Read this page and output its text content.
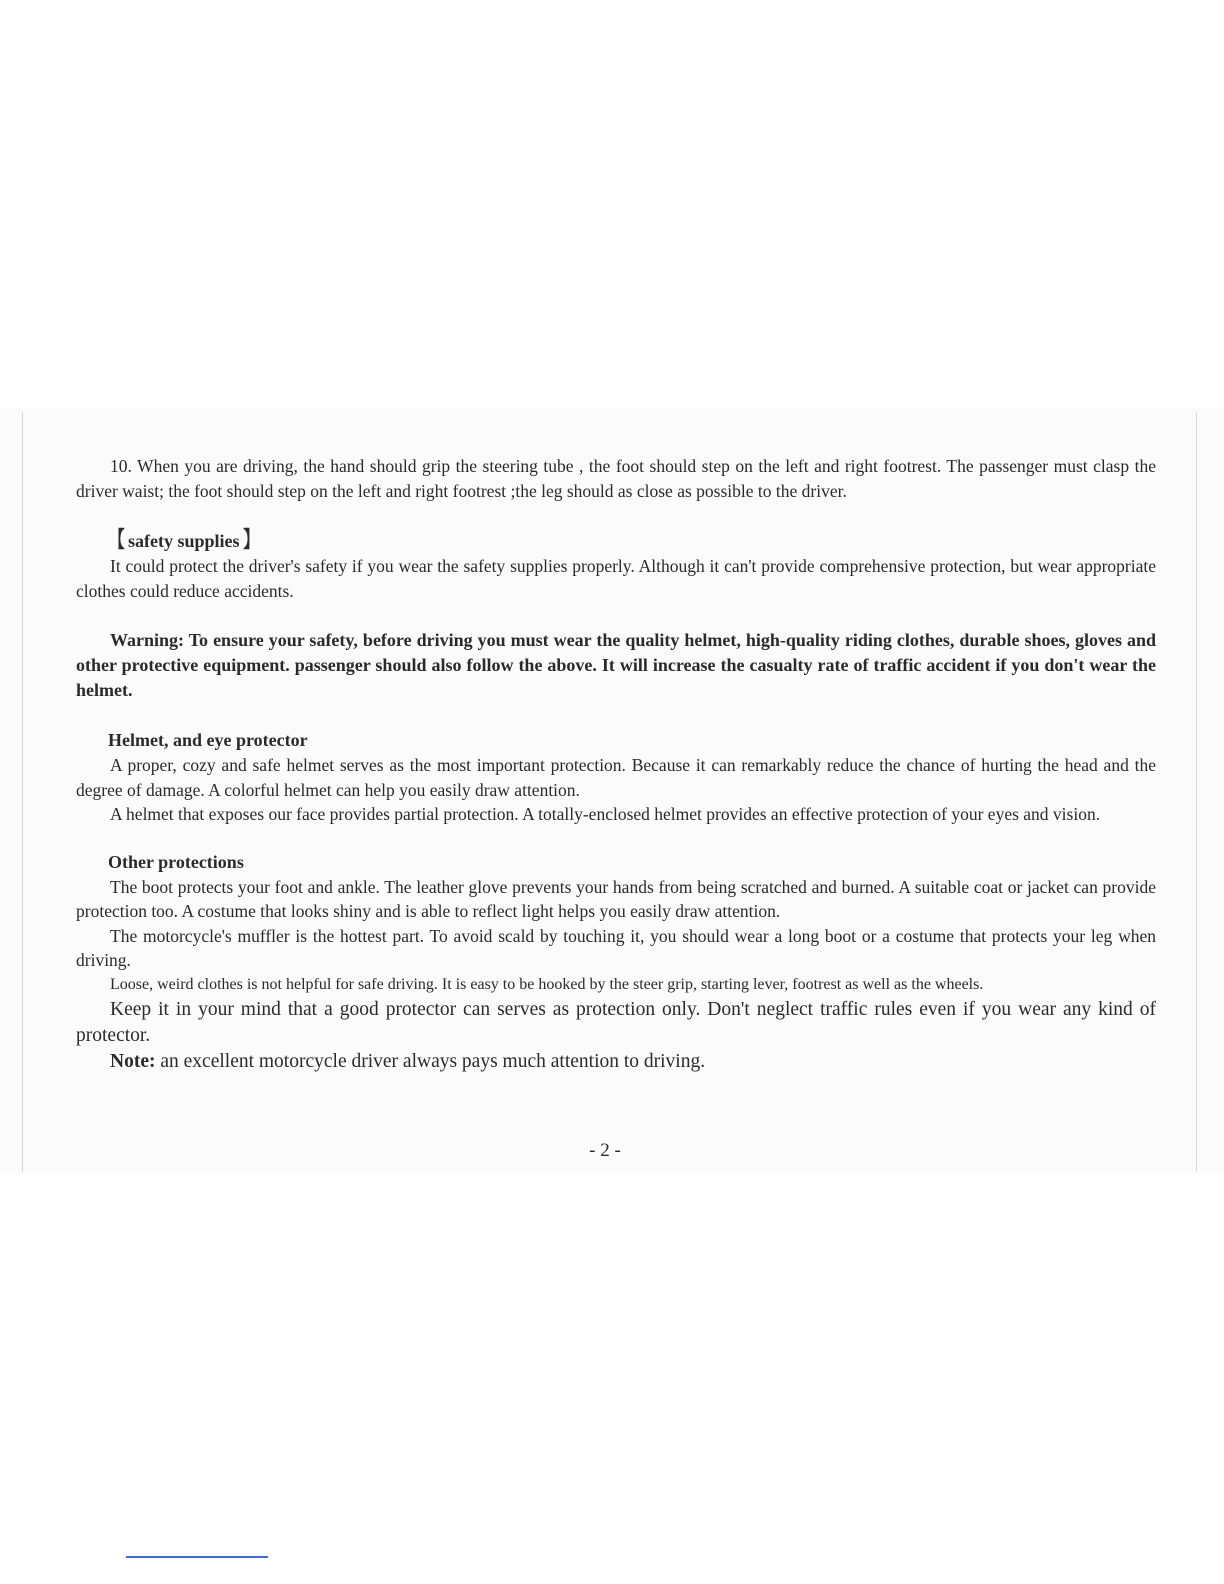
10. When you are driving, the hand should grip the steering tube , the foot should step on the left and right footrest. The passenger must clasp the driver waist; the foot should step on the left and right footrest ;the leg should as close as possible to the driver.

【 safety supplies 】

It could protect the driver's safety if you wear the safety supplies properly. Although it can't provide comprehensive protection, but wear appropriate clothes could reduce accidents.

Warning: To ensure your safety, before driving you must wear the quality helmet, high-quality riding clothes, durable shoes, gloves and other protective equipment. passenger should also follow the above. It will increase the casualty rate of traffic accident if you don't wear the helmet.

Helmet, and eye protector

A proper, cozy and safe helmet serves as the most important protection. Because it can remarkably reduce the chance of hurting the head and the degree of damage. A colorful helmet can help you easily draw attention.

A helmet that exposes our face provides partial protection. A totally-enclosed helmet provides an effective protection of your eyes and vision.

Other protections

The boot protects your foot and ankle. The leather glove prevents your hands from being scratched and burned. A suitable coat or jacket can provide protection too. A costume that looks shiny and is able to reflect light helps you easily draw attention.

The motorcycle's muffler is the hottest part. To avoid scald by touching it, you should wear a long boot or a costume that protects your leg when driving.

Loose, weird clothes is not helpful for safe driving. It is easy to be hooked by the steer grip, starting lever, footrest as well as the wheels.

Keep it in your mind that a good protector can serves as protection only. Don't neglect traffic rules even if you wear any kind of protector.

Note: an excellent motorcycle driver always pays much attention to driving.

- 2 -
